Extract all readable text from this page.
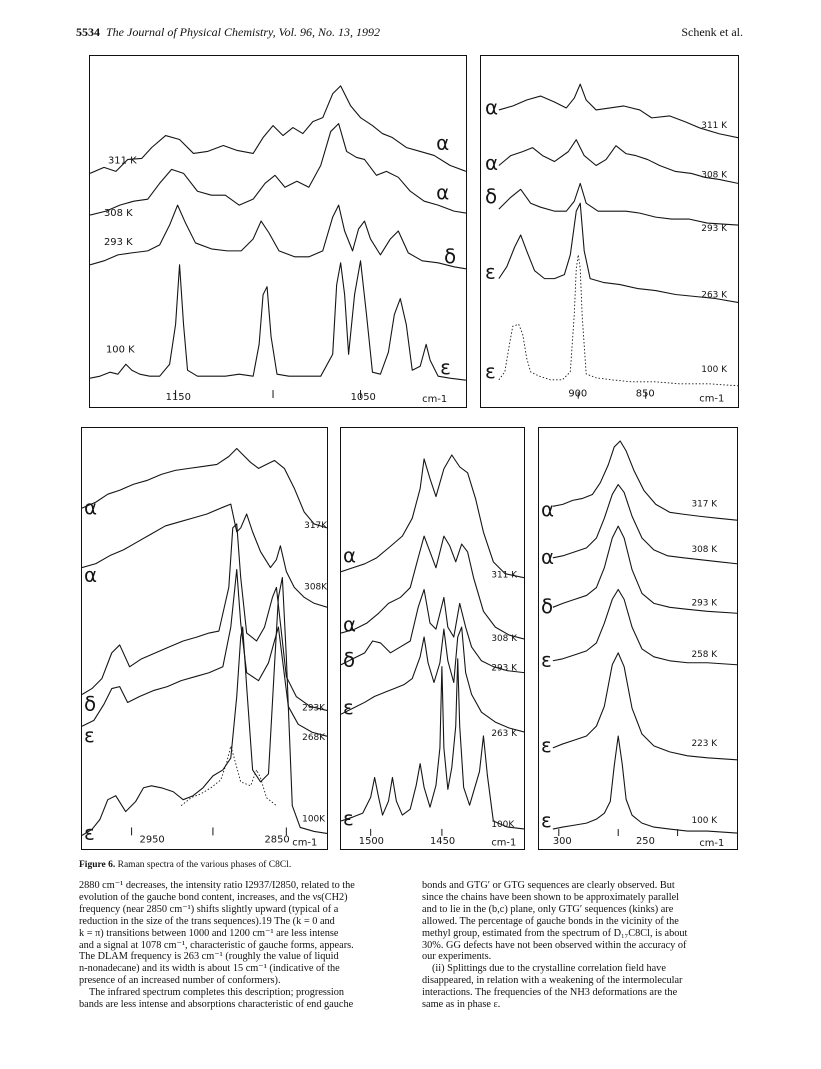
5534 The Journal of Physical Chemistry, Vol. 96, No. 13, 1992	Schenk et al.
1150	1050	cm-1
α
α
δ
ε
311 K
308 K
293 K
100 K
900	850	cm-1
α
α
δ
ε
ε
311 K
308 K
293 K
263 K
100 K
2950	2850 cm-1
α
α
δ
ε
ε
317K
308K
293K
268K
100K
1500	1450	cm-1
α
α
δ
ε
ε
311 K
308 K
293 K
263 K
100K
300	250	cm-1
α
α
δ
ε
ε
ε
317 K
308 K
293 K
258 K
223 K
100 K
Figure 6. Raman spectra of the various phases of C8Cl.

2880 cm⁻¹ decreases, the intensity ratio I2937/I2850, related to the

evolution of the gauche bond content, increases, and the νs(CH2)

frequency (near 2850 cm⁻¹) shifts slightly upward (typical of a

reduction in the size of the trans sequences).19 The (k = 0 and

k = π) transitions between 1000 and 1200 cm⁻¹ are less intense

and a signal at 1078 cm⁻¹, characteristic of gauche forms, appears.

The DLAM frequency is 263 cm⁻¹ (roughly the value of liquid

n-nonadecane) and its width is about 15 cm⁻¹ (indicative of the

presence of an increased number of conformers).

The infrared spectrum completes this description; progression

bands are less intense and absorptions characteristic of end gauche

bonds and GTG′ or GTG sequences are clearly observed. But

since the chains have been shown to be approximately parallel

and to lie in the (b,c) plane, only GTG′ sequences (kinks) are

allowed. The percentage of gauche bonds in the vicinity of the

methyl group, estimated from the spectrum of D₁₇C8Cl, is about

30%. GG defects have not been observed within the accuracy of

our experiments.

(ii) Splittings due to the crystalline correlation field have

disappeared, in relation with a weakening of the intermolecular

interactions. The frequencies of the NH3 deformations are the

same as in phase ε.
